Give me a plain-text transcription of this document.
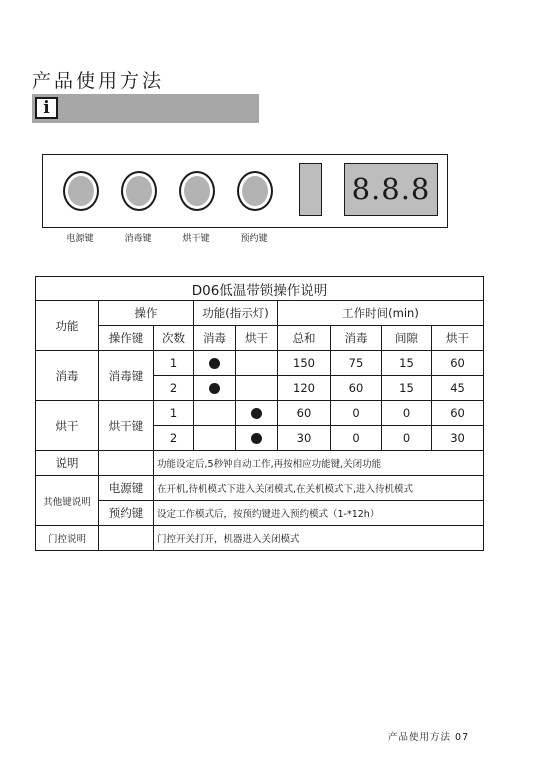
产品使用方法
i
8.8.8
电源键	消毒键	烘干键	预约键
D06低温带锁操作说明								
功能	操作		功能(指示灯)		工作时间(min)			
	操作键	次数	消毒	烘干	总和	消毒	间隙	烘干
消毒	消毒键	1			150	75	15	60
		2			120	60	15	45
烘干	烘干键	1			60	0	0	60
		2			30	0	0	30
说明		功能设定后,5秒钟自动工作,再按相应功能键,关闭功能						
其他键说明	电源键	在开机,待机模式下进入关闭模式,在关机模式下,进入待机模式						
	预约键	设定工作模式后，按预约键进入预约模式（1-*12h）						
门控说明		门控开关打开，机器进入关闭模式						
产品使用方法 07
